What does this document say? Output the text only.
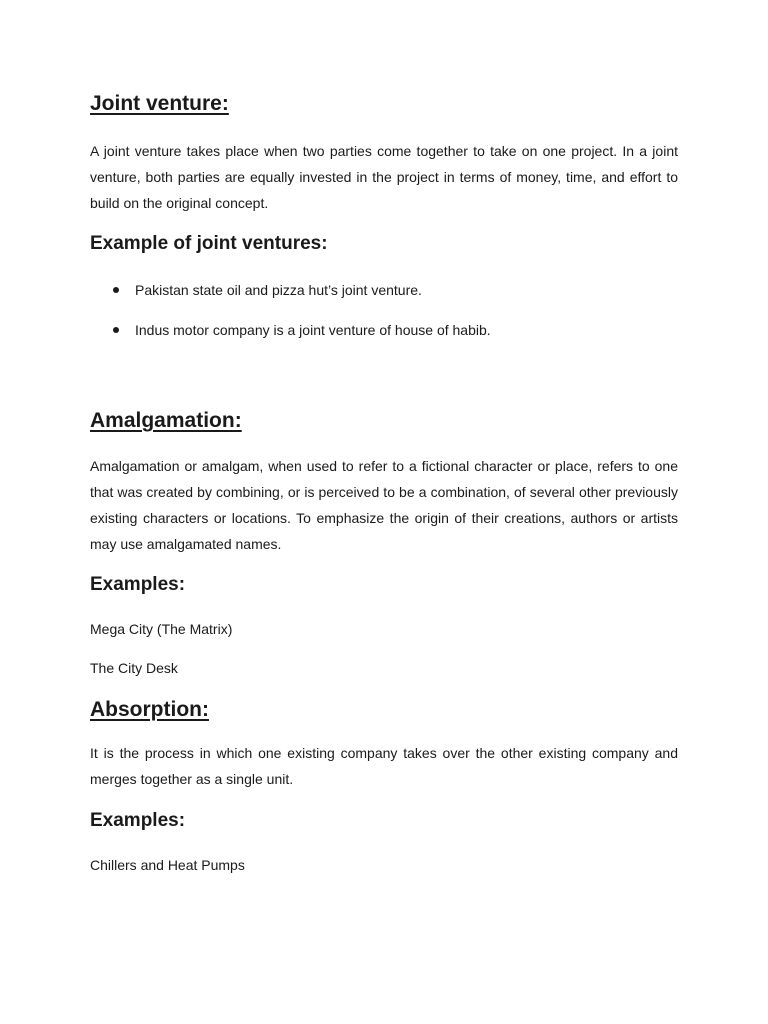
Joint venture:

A joint venture takes place when two parties come together to take on one project. In a joint venture, both parties are equally invested in the project in terms of money, time, and effort to build on the original concept.

Example of joint ventures:
Pakistan state oil and pizza hut’s joint venture.
Indus motor company is a joint venture of house of habib.
Amalgamation:

Amalgamation or amalgam, when used to refer to a fictional character or place, refers to one that was created by combining, or is perceived to be a combination, of several other previously existing characters or locations. To emphasize the origin of their creations, authors or artists may use amalgamated names.

Examples:

Mega City (The Matrix)

The City Desk

Absorption:

It is the process in which one existing company takes over the other existing company and merges together as a single unit.

Examples:

Chillers and Heat Pumps
